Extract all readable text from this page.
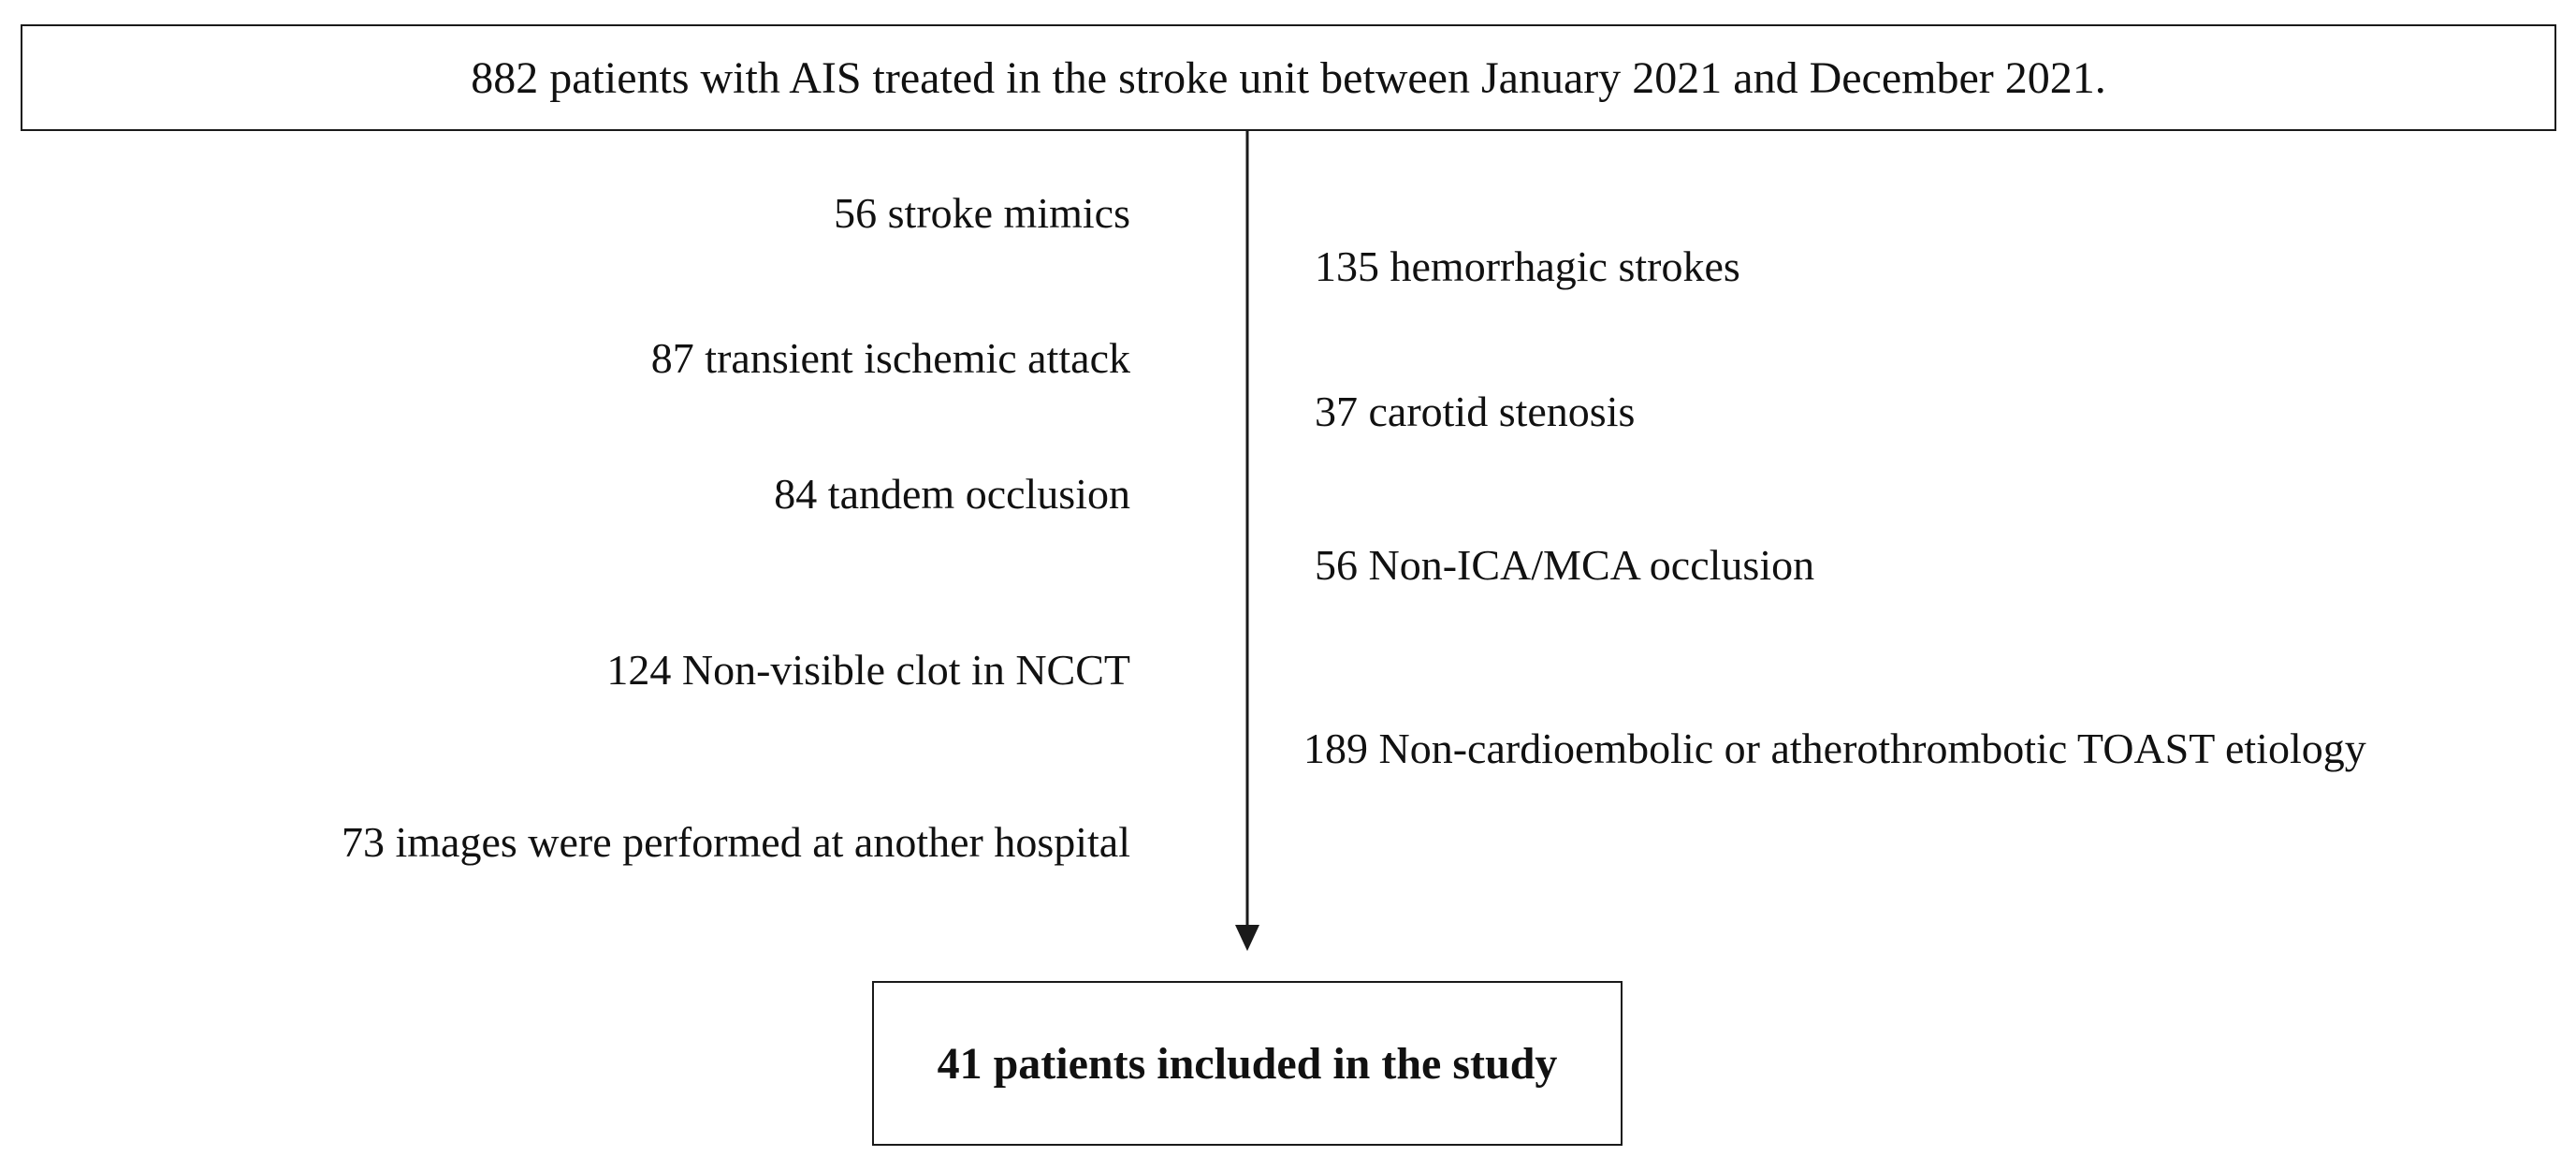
882 patients with AIS treated in the stroke unit between January 2021 and December 2021.
56 stroke mimics
87 transient ischemic attack
84 tandem occlusion
124 Non-visible clot in NCCT
73 images were performed at another hospital
135 hemorrhagic strokes
37 carotid stenosis
56 Non-ICA/MCA occlusion
189 Non-cardioembolic or atherothrombotic TOAST etiology
41 patients included in the study
